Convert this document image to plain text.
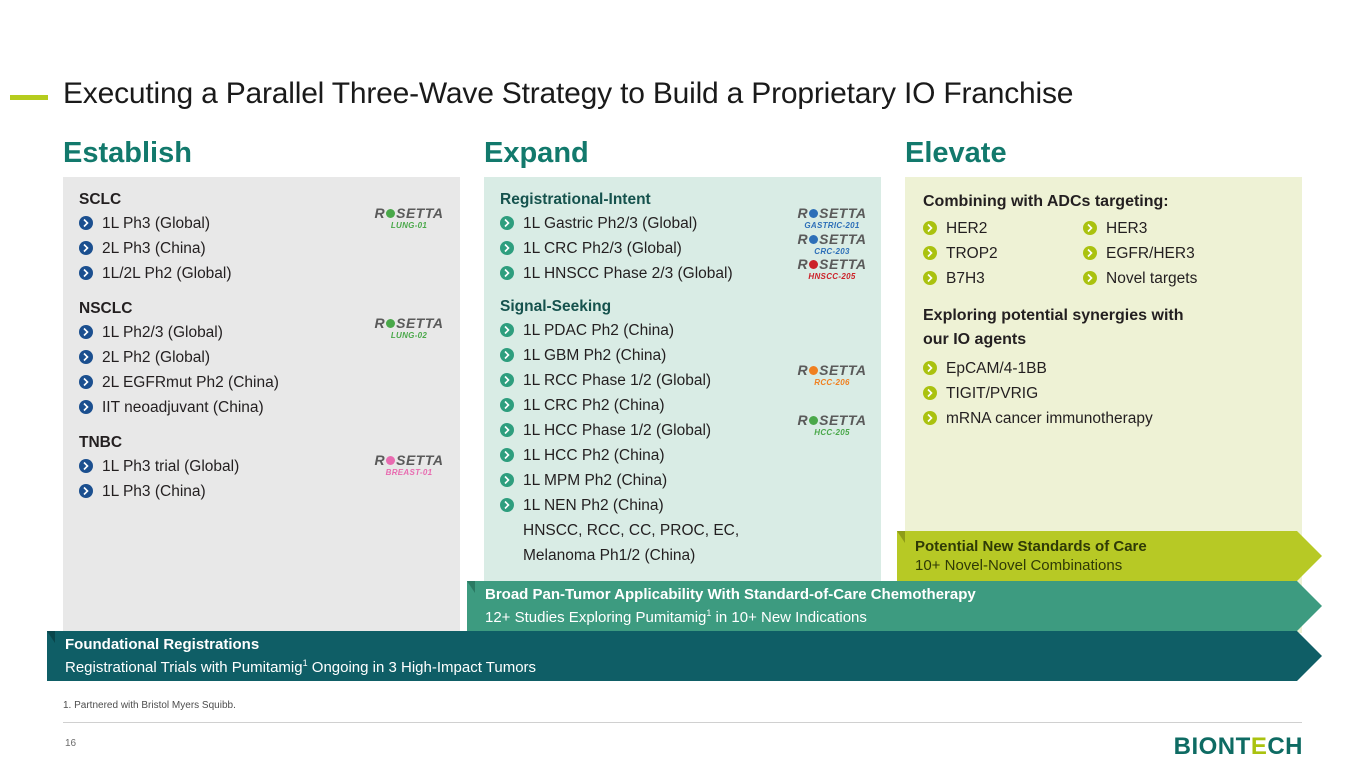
Executing a Parallel Three-Wave Strategy to Build a Proprietary IO Franchise
Establish
SCLC
1L Ph3 (Global)
2L Ph3 (China)
1L/2L Ph2 (Global)
NSCLC
1L Ph2/3 (Global)
2L Ph2 (Global)
2L EGFRmut Ph2 (China)
IIT neoadjuvant (China)
TNBC
1L Ph3 trial (Global)
1L Ph3 (China)
R SETTA
LUNG-01
R SETTA
LUNG-02
R SETTA
BREAST-01
Expand
Registrational-Intent
1L Gastric Ph2/3 (Global)
1L CRC Ph2/3 (Global)
1L HNSCC Phase 2/3 (Global)
Signal-Seeking
1L PDAC Ph2 (China)
1L GBM Ph2 (China)
1L RCC Phase 1/2 (Global)
1L CRC Ph2 (China)
1L HCC Phase 1/2 (Global)
1L HCC Ph2 (China)
1L MPM Ph2 (China)
1L NEN Ph2 (China)
HNSCC, RCC, CC, PROC, EC,
Melanoma Ph1/2 (China)
R SETTA
GASTRIC-201
R SETTA
CRC-203
R SETTA
HNSCC-205
R SETTA
RCC-206
R SETTA
HCC-205
Elevate
Combining with ADCs targeting:
HER2
TROP2
B7H3
HER3
EGFR/HER3
Novel targets
Exploring potential synergies with
our IO agents
EpCAM/4-1BB
TIGIT/PVRIG
mRNA cancer immunotherapy
Potential New Standards of Care
10+ Novel-Novel Combinations
Broad Pan-Tumor Applicability With Standard-of-Care Chemotherapy
12+ Studies Exploring Pumitamig$^1$ in 10+ New Indications
Foundational Registrations
Registrational Trials with Pumitamig$^1$ Ongoing in 3 High-Impact Tumors
1. Partnered with Bristol Myers Squibb.
16	BIONTECH
